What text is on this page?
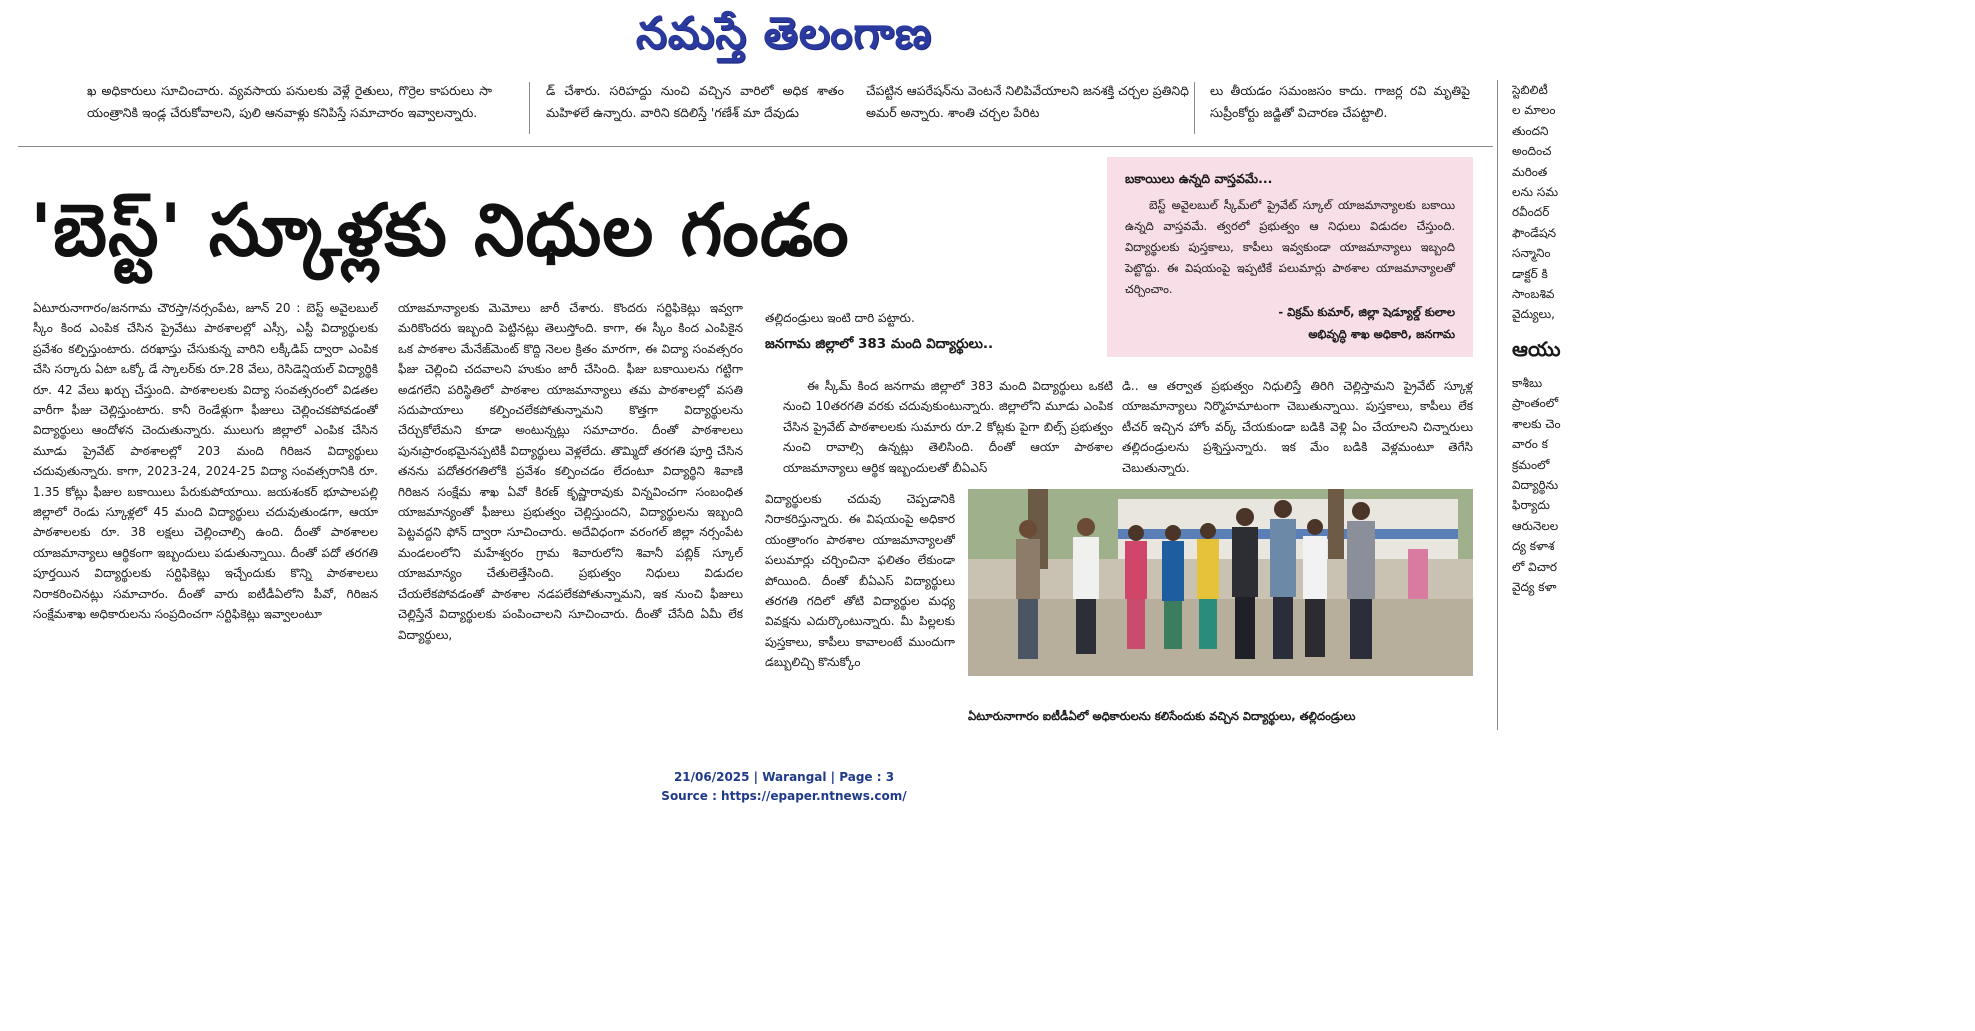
నమస్తే తెలంగాణ
ఖ అధికారులు సూచించారు. వ్యవసాయ పనులకు వెళ్లే రైతులు, గొర్రెల కాపరులు సా యంత్రానికి ఇండ్ల చేరుకోవాలని, పులి ఆనవాళ్లు కనిపిస్తే సమాచారం ఇవ్వాలన్నారు.
డ్ చేశారు. సరిహద్దు నుంచి వచ్చిన వారిలో అధిక శాతం మహిళలే ఉన్నారు. వారిని కదిలిస్తే 'గణేశ్ మా దేవుడు
చేపట్టిన ఆపరేషన్‌ను వెంటనే నిలిపివేయాలని జనశక్తి చర్చల ప్రతినిధి అమర్ అన్నారు. శాంతి చర్చల పేరిట
లు తీయడం సమంజసం కాదు. గాజర్ల రవి మృతిపై సుప్రీంకోర్టు జడ్జితో విచారణ చేపట్టాలి.
'బెస్ట్' స్కూళ్లకు నిధుల గండం
బకాయిలు ఉన్నది వాస్తవమే...
బెస్ట్ అవైలబుల్ స్కీమ్‌లో ప్రైవేట్ స్కూల్ యాజమాన్యాలకు బకాయి ఉన్నది వాస్తవమే. త్వరలో ప్రభుత్వం ఆ నిధులు విడుదల చేస్తుంది. విద్యార్థులకు పుస్తకాలు, కాపీలు ఇవ్వకుండా యాజమాన్యాలు ఇబ్బంది పెట్టొద్దు. ఈ విషయంపై ఇప్పటికే పలుమార్లు పాఠశాల యాజమాన్యాలతో చర్చించాం.
- విక్రమ్ కుమార్, జిల్లా షెడ్యూల్డ్ కులాల
అభివృద్ధి శాఖ అధికారి, జనగామ
ఏటూరునాగారం/జనగామ చౌరస్తా/నర్సంపేట, జూన్ 20 : బెస్ట్ అవైలబుల్ స్కీం కింద ఎంపిక చేసిన ప్రైవేటు పాఠశాలల్లో ఎస్సీ, ఎస్టీ విద్యార్థులకు ప్రవేశం కల్పిస్తుంటారు. దరఖాస్తు చేసుకున్న వారిని లక్కీడిప్ ద్వారా ఎంపిక చేసి సర్కారు ఏటా ఒక్కో డే స్కాలర్‌కు రూ.28 వేలు, రెసిడెన్షియల్ విద్యార్థికి రూ. 42 వేలు ఖర్చు చేస్తుంది. పాఠశాలలకు విద్యా సంవత్సరంలో విడతల వారీగా ఫీజు చెల్లిస్తుంటారు. కానీ రెండేళ్లుగా ఫీజులు చెల్లించకపోవడంతో విద్యార్థులు ఆందోళన చెందుతున్నారు. ములుగు జిల్లాలో ఎంపిక చేసిన మూడు ప్రైవేట్ పాఠశాలల్లో 203 మంది గిరిజన విద్యార్థులు చదువుతున్నారు. కాగా, 2023-24, 2024-25 విద్యా సంవత్సరానికి రూ. 1.35 కోట్లు ఫీజుల బకాయిలు పేరుకుపోయాయి. జయశంకర్ భూపాలపల్లి జిల్లాలో రెండు స్కూళ్లలో 45 మంది విద్యార్థులు చదువుతుండగా, ఆయా పాఠశాలలకు రూ. 38 లక్షలు చెల్లించాల్సి ఉంది. దీంతో పాఠశాలల యాజమాన్యాలు ఆర్థికంగా ఇబ్బందులు పడుతున్నాయి. దీంతో పదో తరగతి పూర్తయిన విద్యార్థులకు సర్టిఫికెట్లు ఇచ్చేందుకు కొన్ని పాఠశాలలు నిరాకరించినట్లు సమాచారం. దీంతో వారు ఐటీడీఏలోని పీవో, గిరిజన సంక్షేమశాఖ అధికారులను సంప్రదించగా సర్టిఫికెట్లు ఇవ్వాలంటూ
యాజమాన్యాలకు మెమోలు జారీ చేశారు. కొందరు సర్టిఫికెట్లు ఇవ్వగా మరికొందరు ఇబ్బంది పెట్టినట్లు తెలుస్తోంది. కాగా, ఈ స్కీం కింద ఎంపికైన ఒక పాఠశాల మేనేజ్‌మెంట్ కొద్ది నెలల క్రితం మారగా, ఈ విద్యా సంవత్సరం ఫీజు చెల్లించి చదవాలని హుకుం జారీ చేసింది. ఫీజు బకాయిలను గట్టిగా అడగలేని పరిస్థితిలో పాఠశాల యాజమాన్యాలు తమ పాఠశాలల్లో వసతి సదుపాయాలు కల్పించలేకపోతున్నామని కొత్తగా విద్యార్థులను చేర్చుకోలేమని కూడా అంటున్నట్లు సమాచారం. దీంతో పాఠశాలలు పునఃప్రారంభమైనప్పటికీ విద్యార్థులు వెళ్లలేదు. తొమ్మిదో తరగతి పూర్తి చేసిన తనను పదోతరగతిలోకి ప్రవేశం కల్పించడం లేదంటూ విద్యార్థిని శివాణి గిరిజన సంక్షేమ శాఖ ఏవో కిరణ్ కృష్ణారావుకు విన్నవించగా సంబంధిత యాజమాన్యంతో ఫీజులు ప్రభుత్వం చెల్లిస్తుందని, విద్యార్థులను ఇబ్బంది పెట్టవద్దని ఫోన్ ద్వారా సూచించారు. అదేవిధంగా వరంగల్ జిల్లా నర్సంపేట మండలంలోని మహేశ్వరం గ్రామ శివారులోని శివానీ పబ్లిక్ స్కూల్ యాజమాన్యం చేతులెత్తేసింది. ప్రభుత్వం నిధులు విడుదల చేయలేకపోవడంతో పాఠశాల నడపలేకపోతున్నామని, ఇక నుంచి ఫీజులు చెల్లిస్తేనే విద్యార్థులకు పంపించాలని సూచించారు. దీంతో చేసేది ఏమీ లేక విద్యార్థులు,
తల్లిదండ్రులు ఇంటి దారి పట్టారు.
జనగామ జిల్లాలో 383 మంది విద్యార్థులు..
ఈ స్కీమ్ కింద జనగామ జిల్లాలో 383 మంది విద్యార్థులు ఒకటి నుంచి 10తరగతి వరకు చదువుకుంటున్నారు. జిల్లాలోని మూడు ఎంపిక చేసిన ప్రైవేట్ పాఠశాలలకు సుమారు రూ.2 కోట్లకు పైగా బిల్స్ ప్రభుత్వం నుంచి రావాల్సి ఉన్నట్లు తెలిసింది. దీంతో ఆయా పాఠశాల యాజమాన్యాలు ఆర్థిక ఇబ్బందులతో బీఏఎస్
డి.. ఆ తర్వాత ప్రభుత్వం నిధులిస్తే తిరిగి చెల్లిస్తామని ప్రైవేట్ స్కూళ్ల యాజమాన్యాలు నిర్మొహమాటంగా చెబుతున్నాయి. పుస్తకాలు, కాపీలు లేక టీచర్ ఇచ్చిన హోం వర్క్ చేయకుండా బడికి వెళ్లి ఏం చేయాలని చిన్నారులు తల్లిదండ్రులను ప్రశ్నిస్తున్నారు. ఇక మేం బడికి వెళ్లమంటూ తెగేసి చెబుతున్నారు.
విద్యార్థులకు చదువు చెప్పడానికి నిరాకరిస్తున్నారు. ఈ విషయంపై అధికార యంత్రాంగం పాఠశాల యాజమాన్యాలతో పలుమార్లు చర్చించినా ఫలితం లేకుండా పోయింది. దీంతో బీఏఎస్ విద్యార్థులు తరగతి గదిలో తోటి విద్యార్థుల మధ్య వివక్షను ఎదుర్కొంటున్నారు. మీ పిల్లలకు పుస్తకాలు, కాపీలు కావాలంటే ముందుగా డబ్బులిచ్చి కొనుక్కోం
ఏటూరునాగారం ఐటీడీఏలో అధికారులను కలిసేందుకు వచ్చిన విద్యార్థులు, తల్లిదండ్రులు
స్టెబిలిటీ
ల మాలం
తుందని
అందించ
మరింత
లను సమ
రవీందర్
ఫౌండేషన
సన్మానిం
డాక్టర్ కి
సాంబశివ
వైద్యులు,
ఆయు
కాశీబు
ప్రాంతంలో
శాలకు చెం
వారం క
క్రమంలో
విద్యార్థిను
ఫిర్యాదు
ఆరునెలల
ద్య కళాశ
లో విచార
వైద్య కళా
21/06/2025 | Warangal | Page : 3
Source : https://epaper.ntnews.com/
